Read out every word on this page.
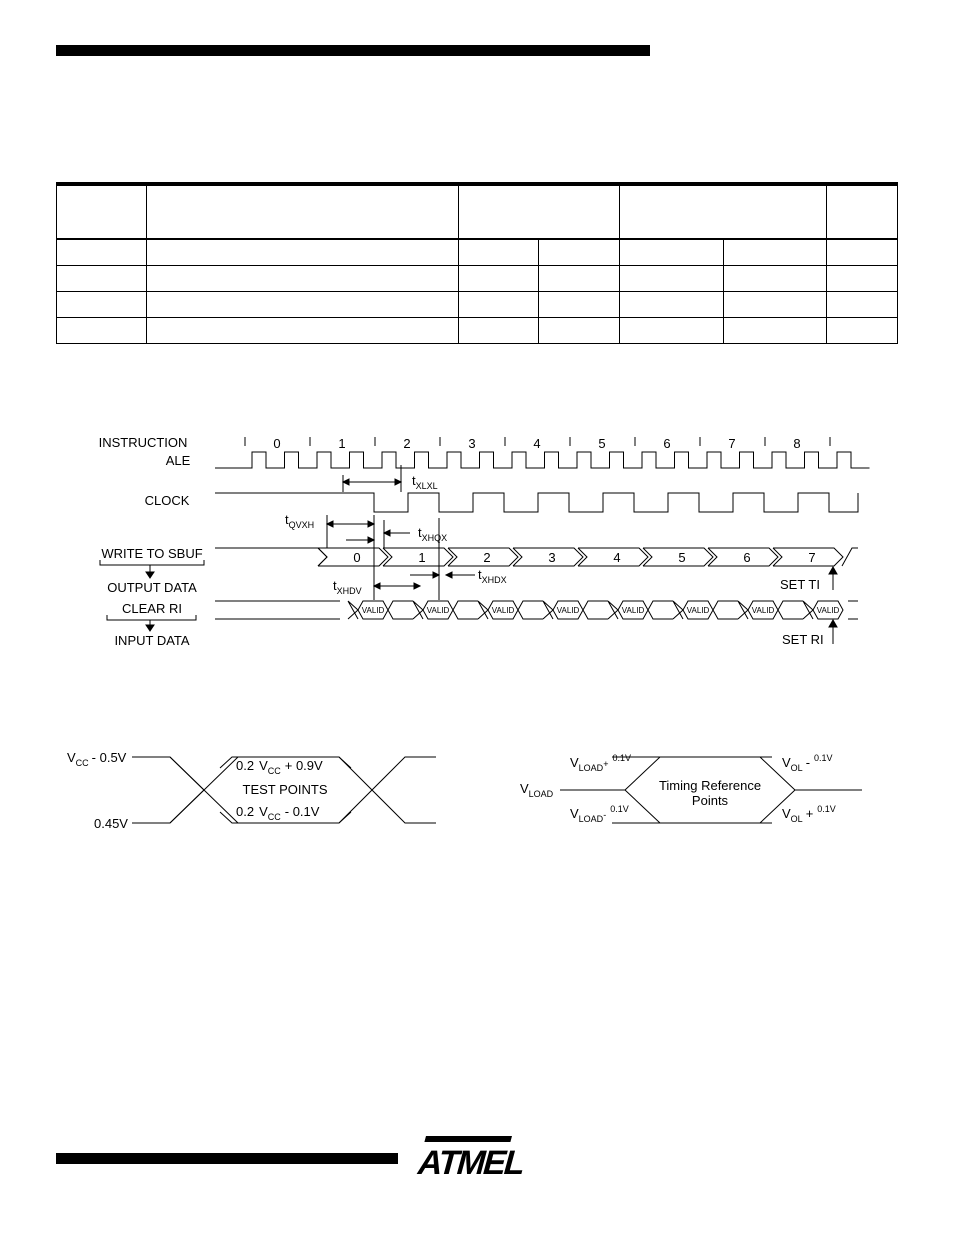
INSTRUCTION
ALE
CLOCK
WRITE TO SBUF
OUTPUT DATA
CLEAR RI
INPUT DATA
0	1	2	3	4	5	6	7	8
0	1	2	3	4	5	6	7
VALID	VALID	VALID	VALID	VALID	VALID	VALID	VALID
$t_{XLXL}$
$t_{QVXH}$	$t_{XHQX}$
$t_{XHDV}$
$t_{XHDX}$	SET TI
SET RI
$V_{CC} - 0.5V$
0.45V
0.2 $V_{CC} + 0.9V$
TEST POINTS
0.2 $V_{CC} - 0.1V$
$V_{LOAD}$
$V_{LOAD}^{+0.1V}$
$V_{LOAD}^{-0.1V}$
$V_{OL} - ^{0.1V}$
$V_{OL} + ^{0.1V}$
Timing Reference
Points
ATMEL
